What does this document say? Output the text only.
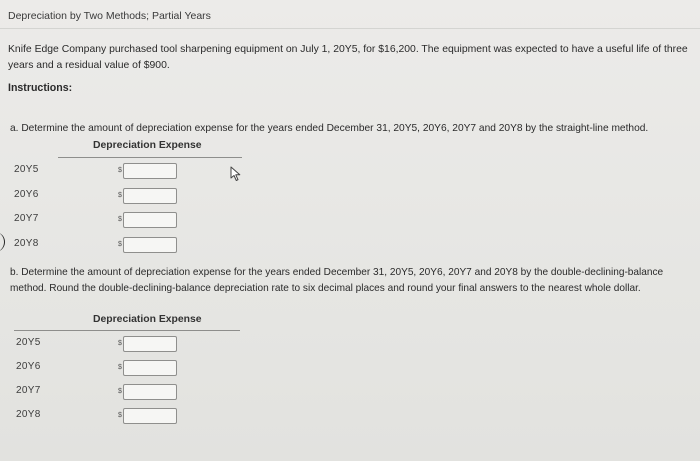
Depreciation by Two Methods; Partial Years
Knife Edge Company purchased tool sharpening equipment on July 1, 20Y5, for $16,200. The equipment was expected to have a useful life of three years and a residual value of $900.
Instructions:
a. Determine the amount of depreciation expense for the years ended December 31, 20Y5, 20Y6, 20Y7 and 20Y8 by the straight-line method.
Depreciation Expense
20Y5	$
20Y6	$
20Y7	$
20Y8	$
b. Determine the amount of depreciation expense for the years ended December 31, 20Y5, 20Y6, 20Y7 and 20Y8 by the double-declining-balance method. Round the double-declining-balance depreciation rate to six decimal places and round your final answers to the nearest whole dollar.
Depreciation Expense
20Y5	$
20Y6	$
20Y7	$
20Y8	$
